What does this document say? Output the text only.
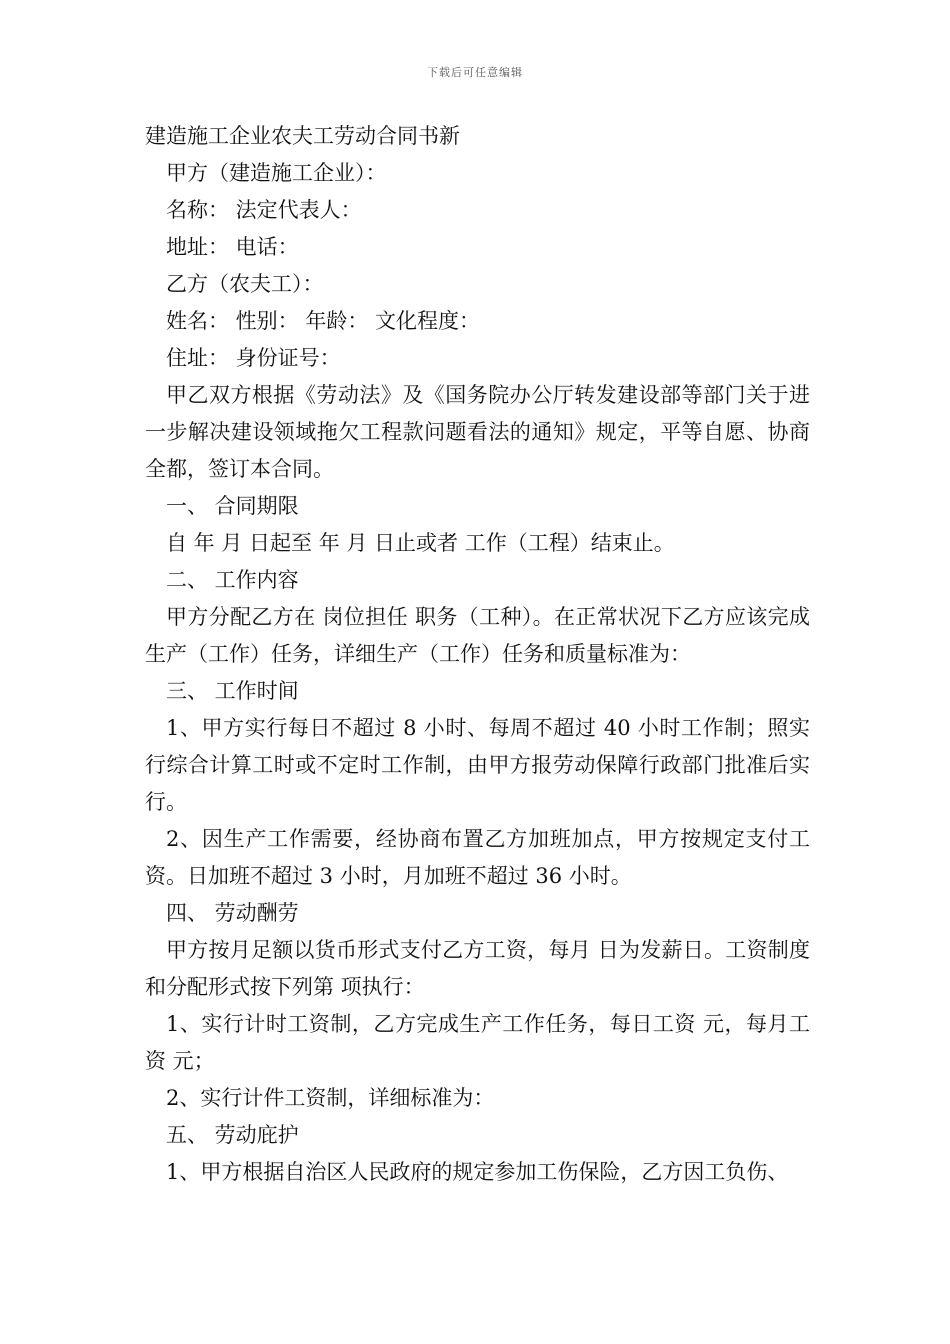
下载后可任意编辑
建造施工企业农夫工劳动合同书新

甲方（建造施工企业）：

名称： 法定代表人：

地址： 电话：

乙方（农夫工）：

姓名： 性别： 年龄： 文化程度：

住址： 身份证号：

甲乙双方根据《劳动法》及《国务院办公厅转发建设部等部门关于进一步解决建设领域拖欠工程款问题看法的通知》规定，平等自愿、协商全都，签订本合同。

一、 合同期限

自 年 月 日起至 年 月 日止或者 工作（工程）结束止。

二、 工作内容

甲方分配乙方在 岗位担任 职务（工种）。在正常状况下乙方应该完成生产（工作）任务，详细生产（工作）任务和质量标准为：

三、 工作时间

1、甲方实行每日不超过 8 小时、每周不超过 40 小时工作制；照实行综合计算工时或不定时工作制，由甲方报劳动保障行政部门批准后实行。

2、因生产工作需要，经协商布置乙方加班加点，甲方按规定支付工资。日加班不超过 3 小时，月加班不超过 36 小时。

四、 劳动酬劳

甲方按月足额以货币形式支付乙方工资，每月 日为发薪日。工资制度和分配形式按下列第 项执行：

1、实行计时工资制，乙方完成生产工作任务，每日工资 元，每月工资 元；

2、实行计件工资制，详细标准为：

五、 劳动庇护

1、甲方根据自治区人民政府的规定参加工伤保险，乙方因工负伤、
